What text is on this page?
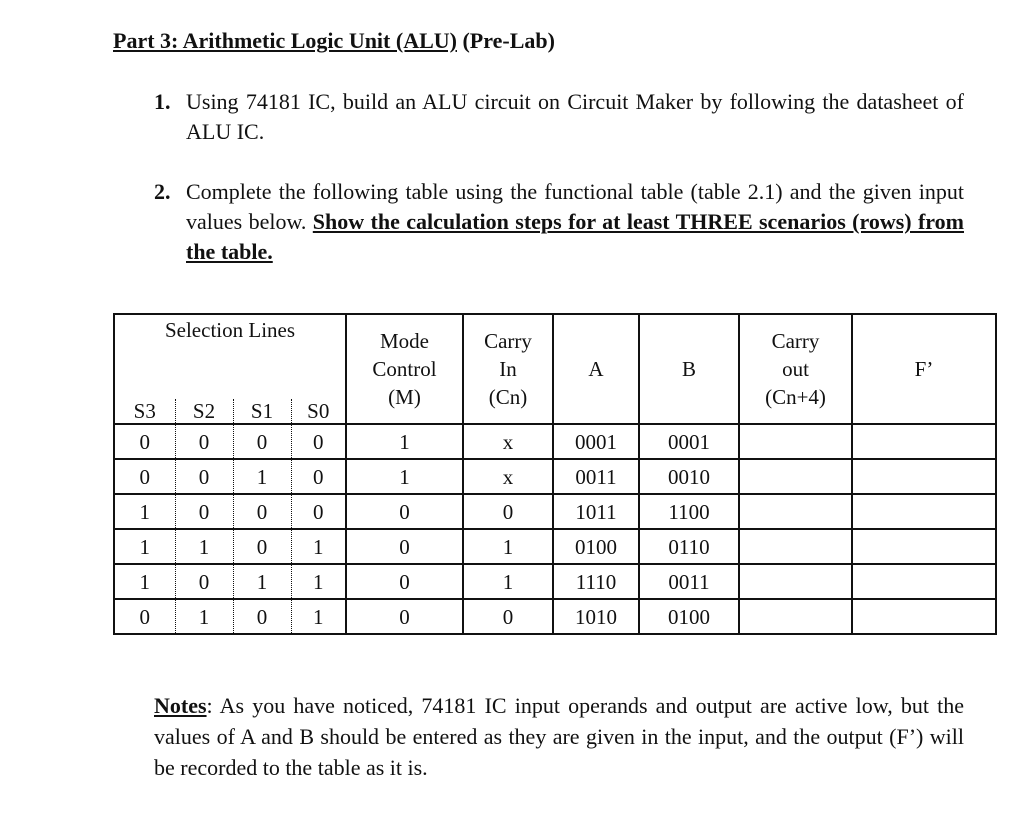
Part 3: Arithmetic Logic Unit (ALU) (Pre-Lab)
1. Using 74181 IC, build an ALU circuit on Circuit Maker by following the datasheet of ALU IC.
2. Complete the following table using the functional table (table 2.1) and the given input values below. Show the calculation steps for at least THREE scenarios (rows) from the table.
Selection Lines				Mode
Control
(M)	Carry
In
(Cn)	A	B	Carry
out
(Cn+4)	F’
S3	S2	S1	S0						
0	0	0	0	1	x	0001	0001		
0	0	1	0	1	x	0011	0010		
1	0	0	0	0	0	1011	1100		
1	1	0	1	0	1	0100	0110		
1	0	1	1	0	1	1110	0011		
0	1	0	1	0	0	1010	0100		
Notes: As you have noticed, 74181 IC input operands and output are active low, but the values of A and B should be entered as they are given in the input, and the output (F’) will be recorded to the table as it is.
